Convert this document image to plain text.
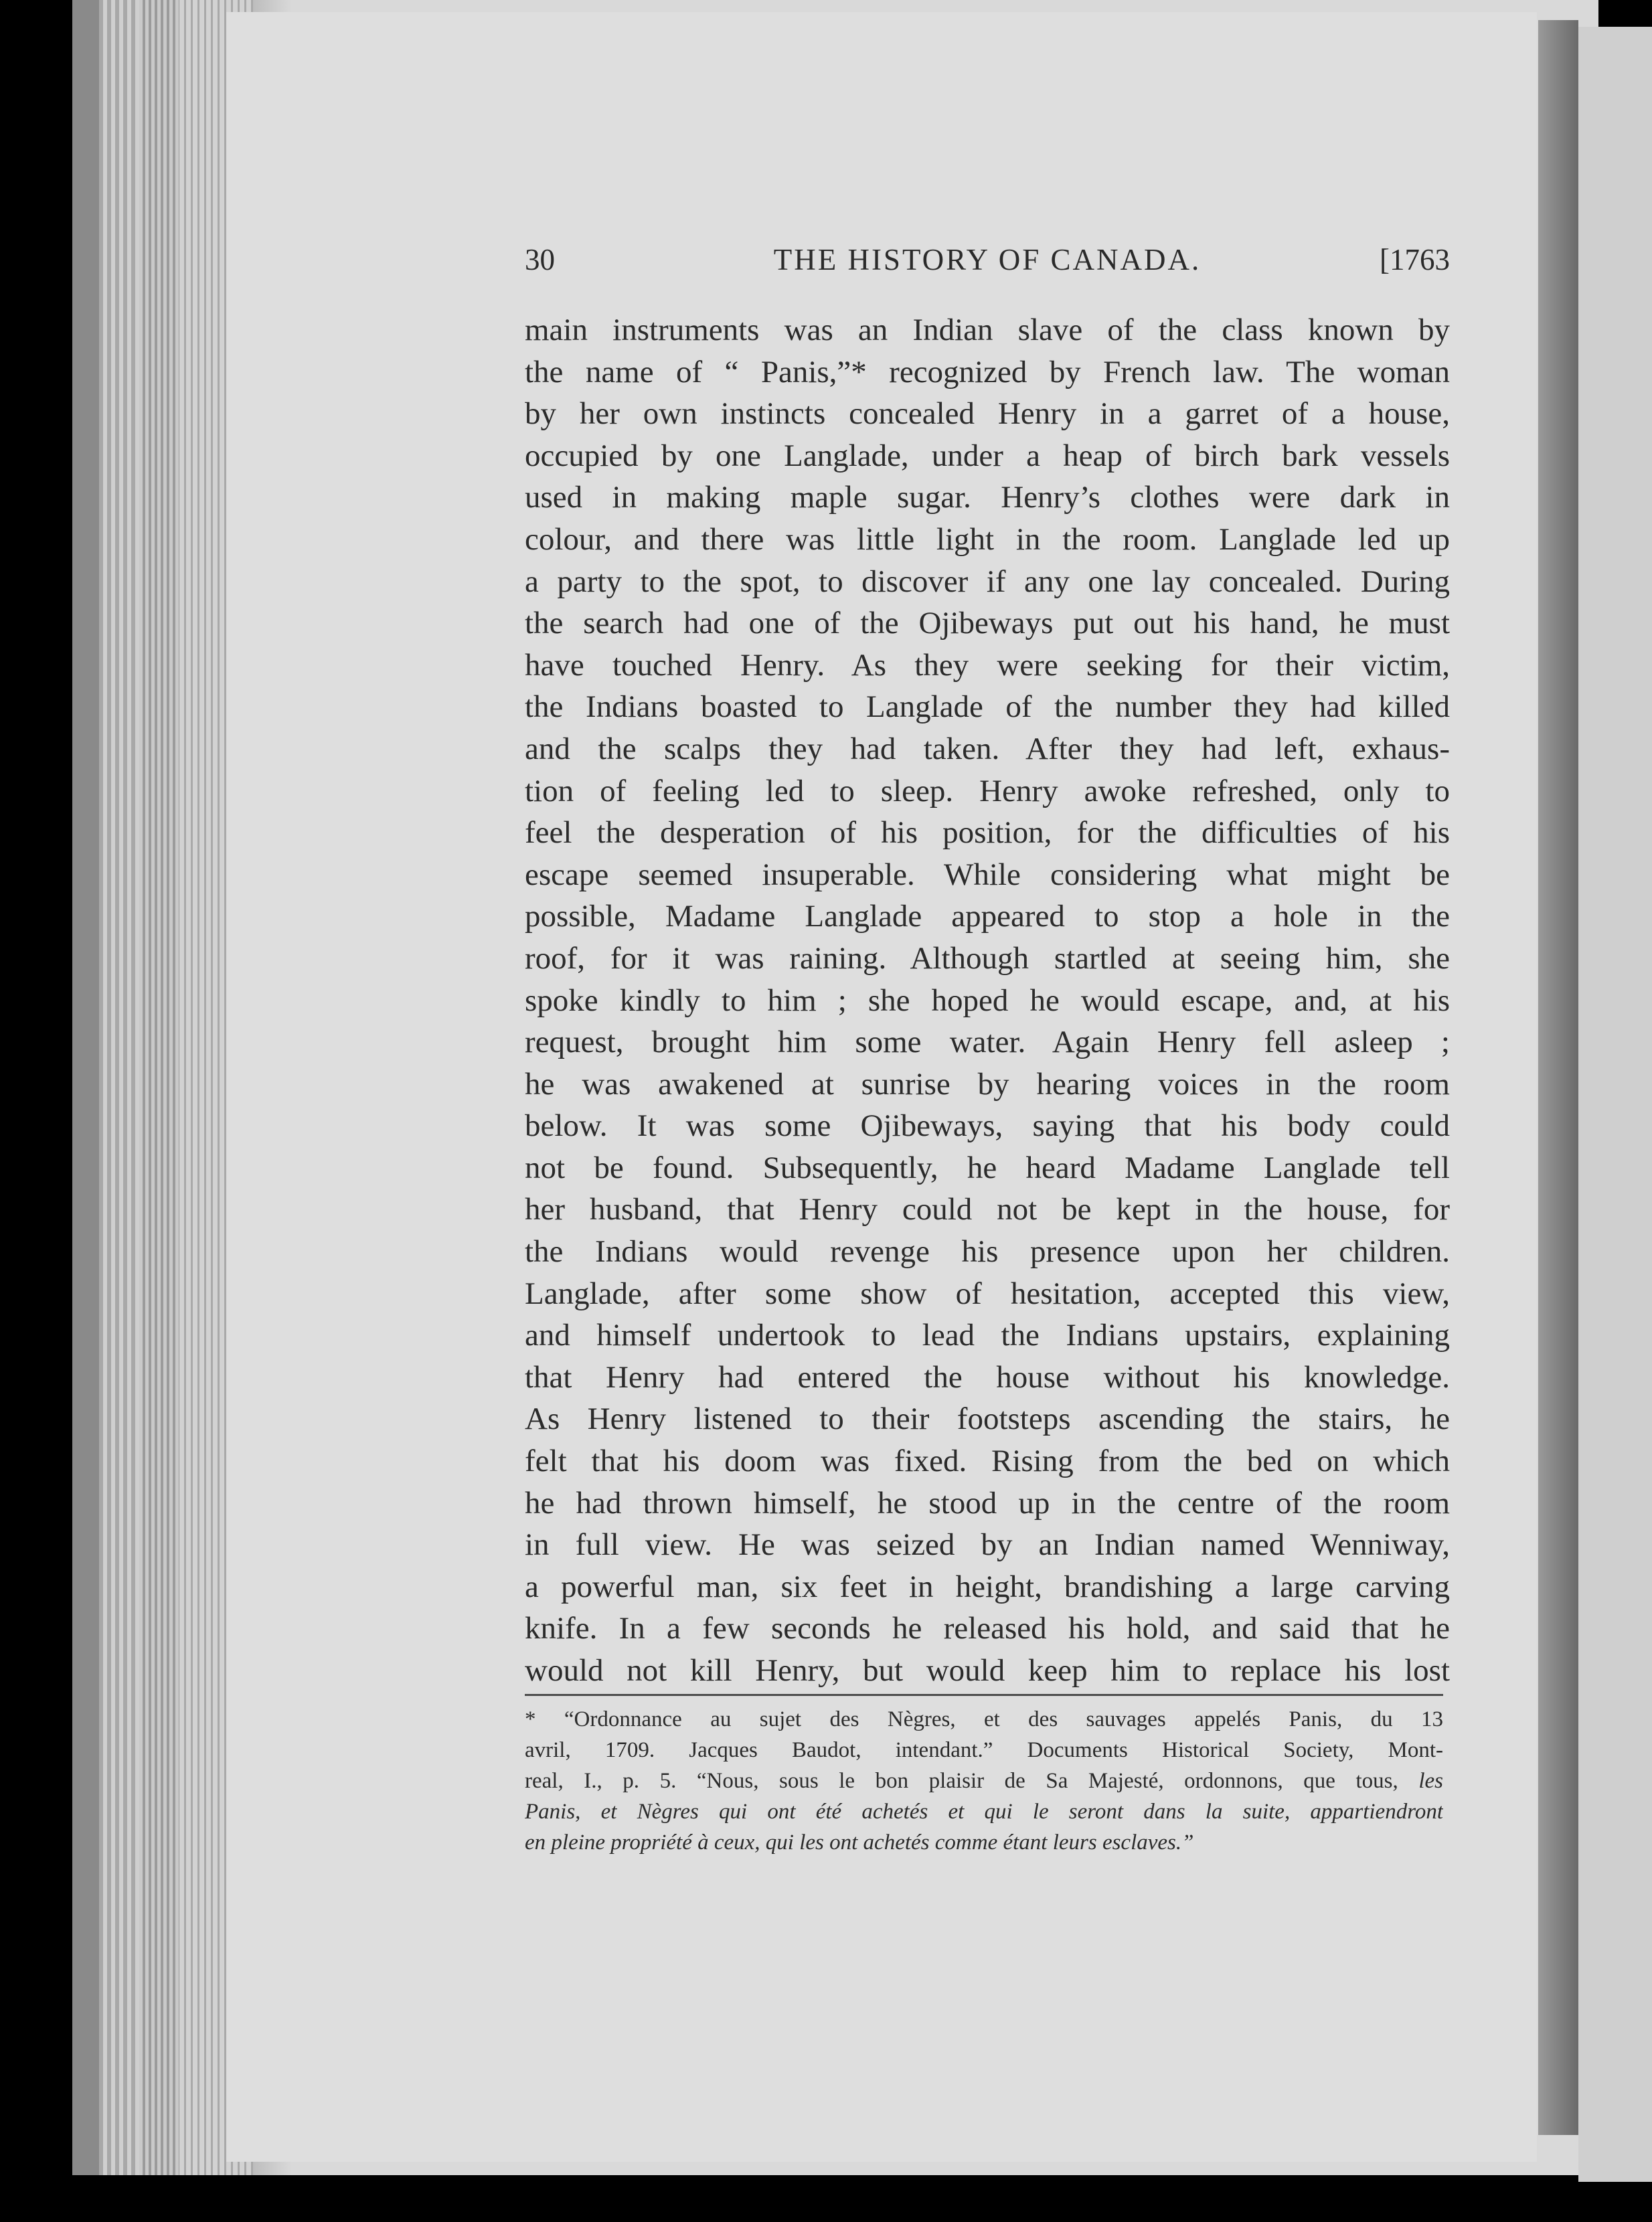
30	THE HISTORY OF CANADA.	[1763
main instruments was an Indian slave of the class known by
the name of “ Panis,”* recognized by French law. The woman
by her own instincts concealed Henry in a garret of a house,
occupied by one Langlade, under a heap of birch bark vessels
used in making maple sugar. Henry’s clothes were dark in
colour, and there was little light in the room. Langlade led up
a party to the spot, to discover if any one lay concealed. During
the search had one of the Ojibeways put out his hand, he must
have touched Henry. As they were seeking for their victim,
the Indians boasted to Langlade of the number they had killed
and the scalps they had taken. After they had left, exhaus-
tion of feeling led to sleep. Henry awoke refreshed, only to
feel the desperation of his position, for the difficulties of his
escape seemed insuperable. While considering what might be
possible, Madame Langlade appeared to stop a hole in the
roof, for it was raining. Although startled at seeing him, she
spoke kindly to him ; she hoped he would escape, and, at his
request, brought him some water. Again Henry fell asleep ;
he was awakened at sunrise by hearing voices in the room
below. It was some Ojibeways, saying that his body could
not be found. Subsequently, he heard Madame Langlade tell
her husband, that Henry could not be kept in the house, for
the Indians would revenge his presence upon her children.
Langlade, after some show of hesitation, accepted this view,
and himself undertook to lead the Indians upstairs, explaining
that Henry had entered the house without his knowledge.
As Henry listened to their footsteps ascending the stairs, he
felt that his doom was fixed. Rising from the bed on which
he had thrown himself, he stood up in the centre of the room
in full view. He was seized by an Indian named Wenniway,
a powerful man, six feet in height, brandishing a large carving
knife. In a few seconds he released his hold, and said that he
would not kill Henry, but would keep him to replace his lost
* “Ordonnance au sujet des Nègres, et des sauvages appelés Panis, du 13
avril, 1709. Jacques Baudot, intendant.” Documents Historical Society, Mont-
real, I., p. 5. “Nous, sous le bon plaisir de Sa Majesté, ordonnons, que tous, les
Panis, et Nègres qui ont été achetés et qui le seront dans la suite, appartiendront
en pleine propriété à ceux, qui les ont achetés comme étant leurs esclaves.”
